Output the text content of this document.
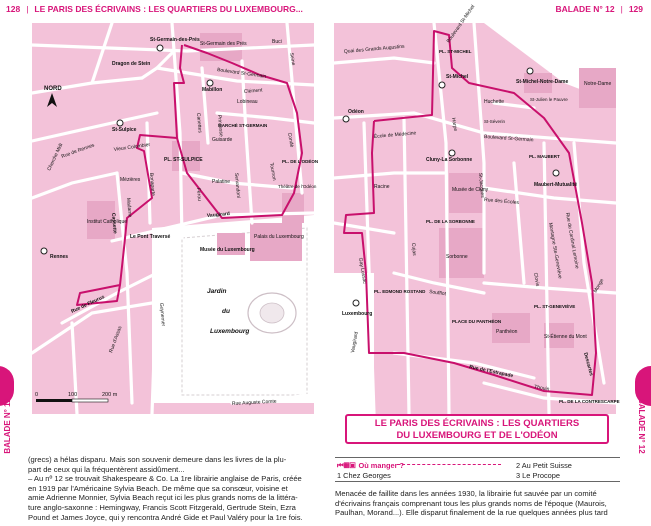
128 | LE PARIS DES ÉCRIVAINS : LES QUARTIERS DU LUXEMBOURG...
NORD
0	100	200 m
St-Germain-des-Prés
St-Germain des Prés
Dragon de Stein
Mabillon
St-Sulpice
PL. ST-SULPICE
Institut Catholique
Rennes
Musée du Luxembourg
Palais du Luxembourg
Théâtre de l'Odéon
PL. DE L'ODÉON
MARCHÉ ST-GERMAIN
Jardin
du
Luxembourg
Boulevard St-Germain
Rue de Rennes
Vaugirard
Rue de Fleurus
Madame
Cassette
Bonaparte
Canettes
Férou
Tournon
Condé
Guynemer
Rue d'Assas
Vieux Colombier
Mézières
Cherche Midi
Le Pont Traversé
Rue Auguste Comte
Lobineau
Clément
Seine
Buci
Palatine Servandoni
Guisarde
Princesse
BALADE N° 12
(grecs) a hélas disparu. Mais son souvenir demeure dans les livres de la plu-
part de ceux qui la fréquentèrent assidûment...
– Au nº 12 se trouvait Shakespeare & Co. La 1re librairie anglaise de Paris, créée
en 1919 par l'Américaine Sylvia Beach. De même que sa consœur, voisine et
amie Adrienne Monnier, Sylvia Beach reçut ici les plus grands noms de la littéra-
ture anglo-saxonne : Hemingway, Francis Scott Fitzgerald, Gertrude Stein, Ezra
Pound et James Joyce, qui y rencontra André Gide et Paul Valéry pour la 1re fois.
BALADE N° 12 | 129
St-Michel
St-Michel-Notre-Dame	Notre-Dame
Cluny-La Sorbonne
Musée de Cluny
Odéon
Maubert-Mutualité
Sorbonne
Panthéon
PLACE DU PANTHÉON
St-Étienne du Mont
Luxembourg
PL. DE LA CONTRESCARPE
St-Julien le Pauvre
St-Séverin
PL. DE LA SORBONNE
PL. ST-MICHEL
PL. MAUBERT
PL. EDMOND ROSTAND
PL. ST-GENEVIÈVE
Boulevard St-Michel
Boulevard St-Germain
Rue des Écoles
St-Jacques
Soufflot
Descartes
Monge
Huchette
Harpe
Racine
École de Médecine
Gay Lussac
Rue de l'Estrapade
Thouin
Rue du Cardinal Lemoine
Quai des Grands Augustins
Cujas
Vaugirard
Clovis
Montagne Ste-Geneviève
LE PARIS DES ÉCRIVAINS : LES QUARTIERS
DU LUXEMBOURG ET DE L'ODÉON
⏮▦▣ Où manger ?
1 Chez Georges
2 Au Petit Suisse
3 Le Procope
BALADE N° 12
Menacée de faillite dans les années 1930, la librairie fut sauvée par un comité
d'écrivains français comprenant tous les plus grands noms de l'époque (Maurois,
Paulhan, Morand...). Elle disparut finalement de la rue quelques années plus tard
